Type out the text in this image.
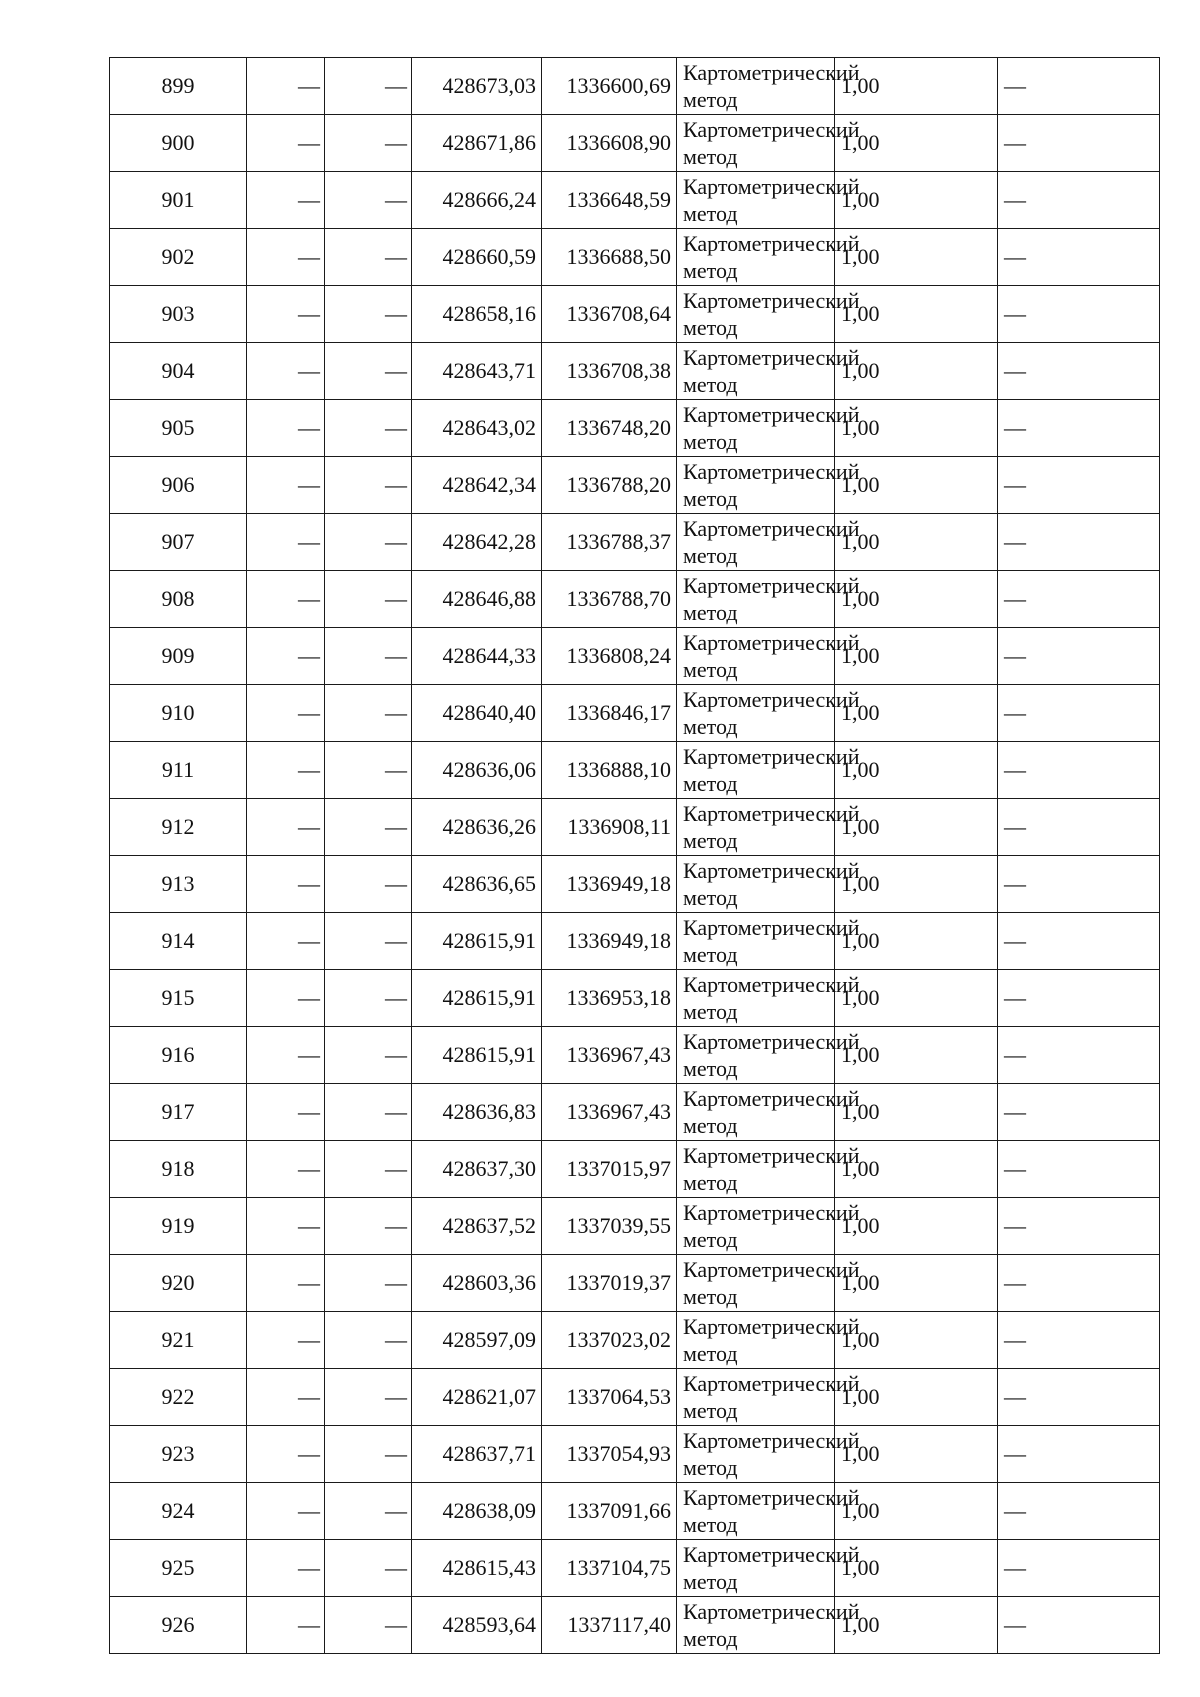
899	—	—	428673,03	1336600,69	Картометрический метод	1,00	—
900	—	—	428671,86	1336608,90	Картометрический метод	1,00	—
901	—	—	428666,24	1336648,59	Картометрический метод	1,00	—
902	—	—	428660,59	1336688,50	Картометрический метод	1,00	—
903	—	—	428658,16	1336708,64	Картометрический метод	1,00	—
904	—	—	428643,71	1336708,38	Картометрический метод	1,00	—
905	—	—	428643,02	1336748,20	Картометрический метод	1,00	—
906	—	—	428642,34	1336788,20	Картометрический метод	1,00	—
907	—	—	428642,28	1336788,37	Картометрический метод	1,00	—
908	—	—	428646,88	1336788,70	Картометрический метод	1,00	—
909	—	—	428644,33	1336808,24	Картометрический метод	1,00	—
910	—	—	428640,40	1336846,17	Картометрический метод	1,00	—
911	—	—	428636,06	1336888,10	Картометрический метод	1,00	—
912	—	—	428636,26	1336908,11	Картометрический метод	1,00	—
913	—	—	428636,65	1336949,18	Картометрический метод	1,00	—
914	—	—	428615,91	1336949,18	Картометрический метод	1,00	—
915	—	—	428615,91	1336953,18	Картометрический метод	1,00	—
916	—	—	428615,91	1336967,43	Картометрический метод	1,00	—
917	—	—	428636,83	1336967,43	Картометрический метод	1,00	—
918	—	—	428637,30	1337015,97	Картометрический метод	1,00	—
919	—	—	428637,52	1337039,55	Картометрический метод	1,00	—
920	—	—	428603,36	1337019,37	Картометрический метод	1,00	—
921	—	—	428597,09	1337023,02	Картометрический метод	1,00	—
922	—	—	428621,07	1337064,53	Картометрический метод	1,00	—
923	—	—	428637,71	1337054,93	Картометрический метод	1,00	—
924	—	—	428638,09	1337091,66	Картометрический метод	1,00	—
925	—	—	428615,43	1337104,75	Картометрический метод	1,00	—
926	—	—	428593,64	1337117,40	Картометрический метод	1,00	—
